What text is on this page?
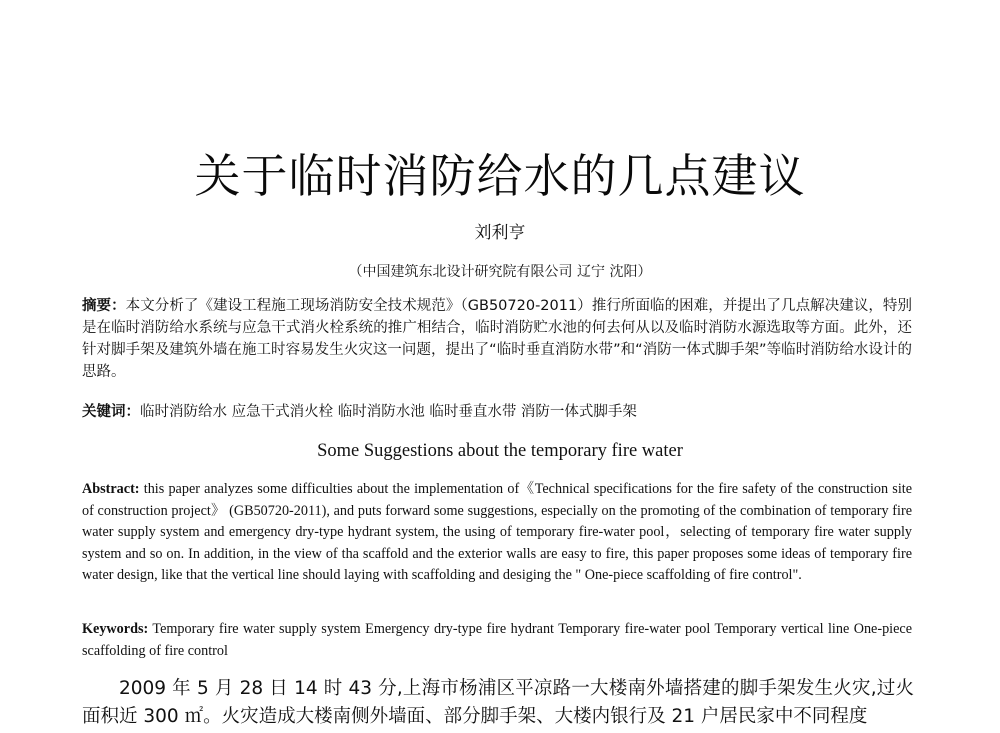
关于临时消防给水的几点建议
刘利亨
（中国建筑东北设计研究院有限公司 辽宁 沈阳）
摘要：本文分析了《建设工程施工现场消防安全技术规范》（GB50720-2011）推行所面临的困难，并提出了几点解决建议，特别是在临时消防给水系统与应急干式消火栓系统的推广相结合，临时消防贮水池的何去何从以及临时消防水源选取等方面。此外，还针对脚手架及建筑外墙在施工时容易发生火灾这一问题，提出了“临时垂直消防水带”和“消防一体式脚手架”等临时消防给水设计的思路。
关键词：临时消防给水 应急干式消火栓 临时消防水池 临时垂直水带 消防一体式脚手架
Some Suggestions about the temporary fire water
Abstract: this paper analyzes some difficulties about the implementation of《Technical specifications for the fire safety of the construction site of construction project》 (GB50720-2011), and puts forward some suggestions, especially on the promoting of the combination of temporary fire water supply system and emergency dry-type hydrant system, the using of temporary fire-water pool，selecting of temporary fire water supply system and so on. In addition, in the view of tha scaffold and the exterior walls are easy to fire, this paper proposes some ideas of temporary fire water design, like that the vertical line should laying with scaffolding and desiging the " One-piece scaffolding of fire control".
Keywords: Temporary fire water supply system Emergency dry-type fire hydrant Temporary fire-water pool Temporary vertical line One-piece scaffolding of fire control
2009 年 5 月 28 日 14 时 43 分,上海市杨浦区平凉路一大楼南外墙搭建的脚手架发生火灾,过火面积近 300 ㎡。火灾造成大楼南侧外墙面、部分脚手架、大楼内银行及 21 户居民家中不同程度
